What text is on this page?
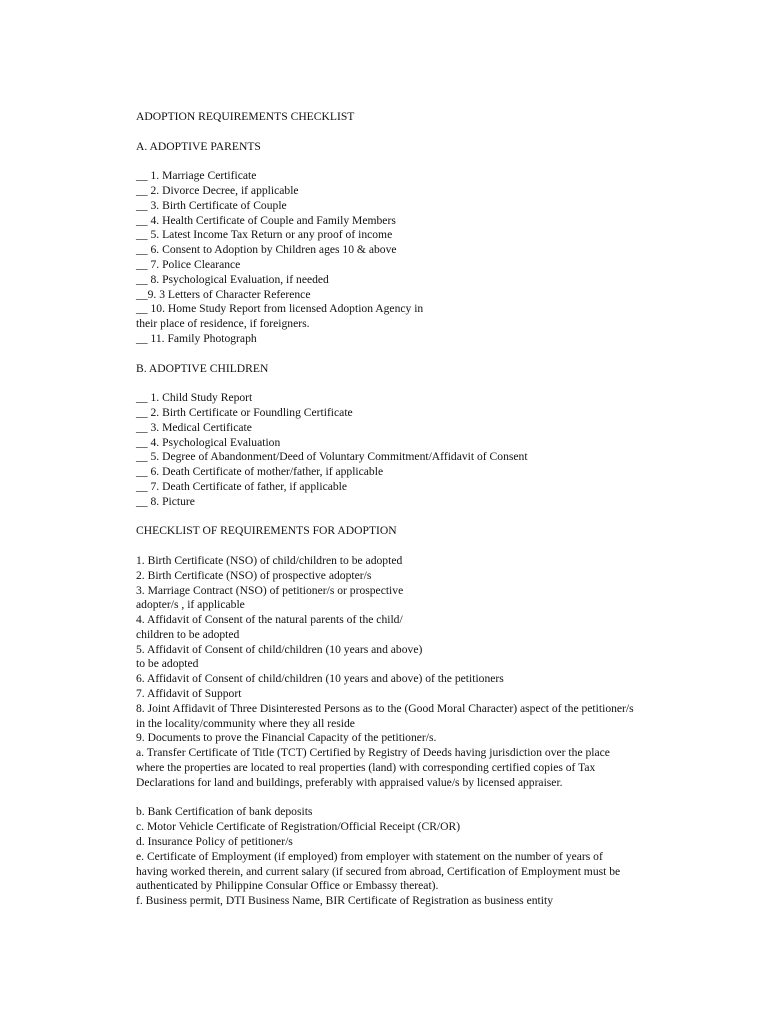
ADOPTION REQUIREMENTS CHECKLIST
A. ADOPTIVE PARENTS
__ 1. Marriage Certificate
__ 2. Divorce Decree, if applicable
__ 3. Birth Certificate of Couple
__ 4. Health Certificate of Couple and Family Members
__ 5. Latest Income Tax Return or any proof of income
__ 6. Consent to Adoption by Children ages 10 & above
__ 7. Police Clearance
__ 8. Psychological Evaluation, if needed
__9. 3 Letters of Character Reference
__ 10. Home Study Report from licensed Adoption Agency in
their place of residence, if foreigners.
__ 11. Family Photograph
B. ADOPTIVE CHILDREN
__ 1. Child Study Report
__ 2. Birth Certificate or Foundling Certificate
__ 3. Medical Certificate
__ 4. Psychological Evaluation
__ 5. Degree of Abandonment/Deed of Voluntary Commitment/Affidavit of Consent
__ 6. Death Certificate of mother/father, if applicable
__ 7. Death Certificate of father, if applicable
__ 8. Picture
CHECKLIST OF REQUIREMENTS FOR ADOPTION
1. Birth Certificate (NSO) of child/children to be adopted
2. Birth Certificate (NSO) of prospective adopter/s
3. Marriage Contract (NSO) of petitioner/s or prospective
adopter/s , if applicable
4. Affidavit of Consent of the natural parents of the child/
children to be adopted
5. Affidavit of Consent of child/children (10 years and above)
to be adopted
6. Affidavit of Consent of child/children (10 years and above) of the petitioners
7. Affidavit of Support
8. Joint Affidavit of Three Disinterested Persons as to the (Good Moral Character) aspect of the petitioner/s
in the locality/community where they all reside
9. Documents to prove the Financial Capacity of the petitioner/s.
a. Transfer Certificate of Title (TCT) Certified by Registry of Deeds having jurisdiction over the place
where the properties are located to real properties (land) with corresponding certified copies of Tax
Declarations for land and buildings, preferably with appraised value/s by licensed appraiser.
b. Bank Certification of bank deposits
c. Motor Vehicle Certificate of Registration/Official Receipt (CR/OR)
d. Insurance Policy of petitioner/s
e. Certificate of Employment (if employed) from employer with statement on the number of years of
having worked therein, and current salary (if secured from abroad, Certification of Employment must be
authenticated by Philippine Consular Office or Embassy thereat).
f. Business permit, DTI Business Name, BIR Certificate of Registration as business entity
